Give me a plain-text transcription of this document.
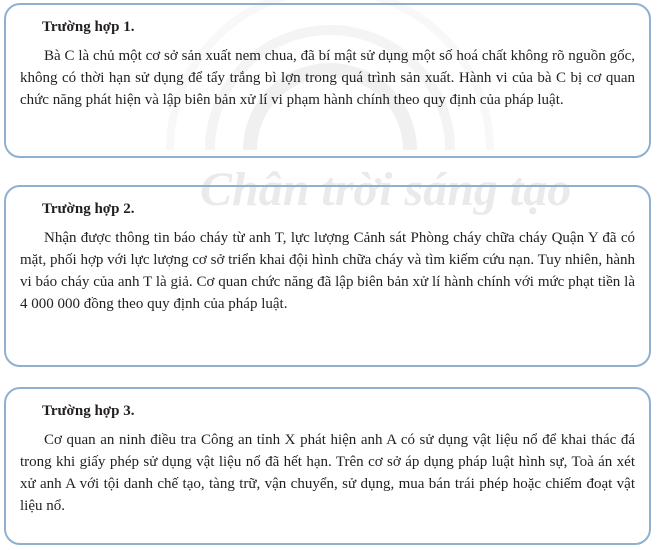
Chân trời sáng tạo
Trường hợp 1.

Bà C là chủ một cơ sở sản xuất nem chua, đã bí mật sử dụng một số hoá chất không rõ nguồn gốc, không có thời hạn sử dụng để tẩy trắng bì lợn trong quá trình sản xuất. Hành vi của bà C bị cơ quan chức năng phát hiện và lập biên bản xử lí vi phạm hành chính theo quy định của pháp luật.

Trường hợp 2.

Nhận được thông tin báo cháy từ anh T, lực lượng Cảnh sát Phòng cháy chữa cháy Quận Y đã có mặt, phối hợp với lực lượng cơ sở triển khai đội hình chữa cháy và tìm kiếm cứu nạn. Tuy nhiên, hành vi báo cháy của anh T là giả. Cơ quan chức năng đã lập biên bản xử lí hành chính với mức phạt tiền là 4 000 000 đồng theo quy định của pháp luật.

Trường hợp 3.

Cơ quan an ninh điều tra Công an tỉnh X phát hiện anh A có sử dụng vật liệu nổ để khai thác đá trong khi giấy phép sử dụng vật liệu nổ đã hết hạn. Trên cơ sở áp dụng pháp luật hình sự, Toà án xét xử anh A với tội danh chế tạo, tàng trữ, vận chuyển, sử dụng, mua bán trái phép hoặc chiếm đoạt vật liệu nổ.
